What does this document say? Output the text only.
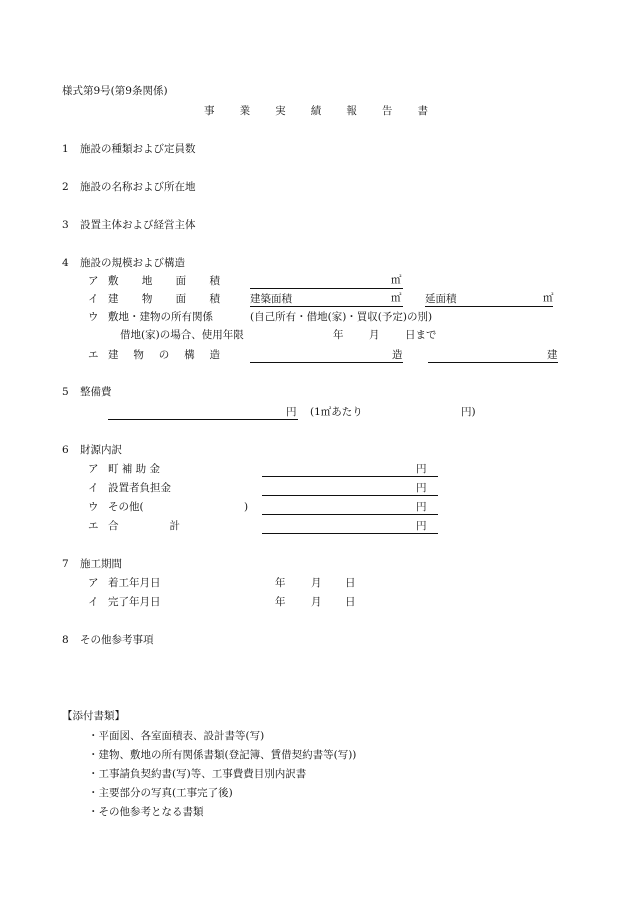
様式第9号(第9条関係)
事 業 実 績 報 告 書
1 施設の種類および定員数
2 施設の名称および所在地
3 設置主体および経営主体
4 施設の規模および構造
ア 敷 地 面 積	㎡
イ 建 物 面 積	建築面積	㎡ 延面積	㎡
ウ 敷地・建物の所有関係	(自己所有・借地(家)・買収(予定)の別)
借地(家)の場合、使用年限	年 月 日まで
エ 建 物 の 構 造	造	建
5 整備費
円 (1㎡あたり	円)
6 財源内訳
ア 町 補 助 金	円
イ 設置者負担金	円
ウ その他(	)	円
エ 合	計	円
7 施工期間
ア 着工年月日	年 月 日
イ 完了年月日	年 月 日
8 その他参考事項
【添付書類】
・平面図、各室面積表、設計書等(写)
・建物、敷地の所有関係書類(登記簿、賃借契約書等(写))
・工事請負契約書(写)等、工事費費目別内訳書
・主要部分の写真(工事完了後)
・その他参考となる書類
